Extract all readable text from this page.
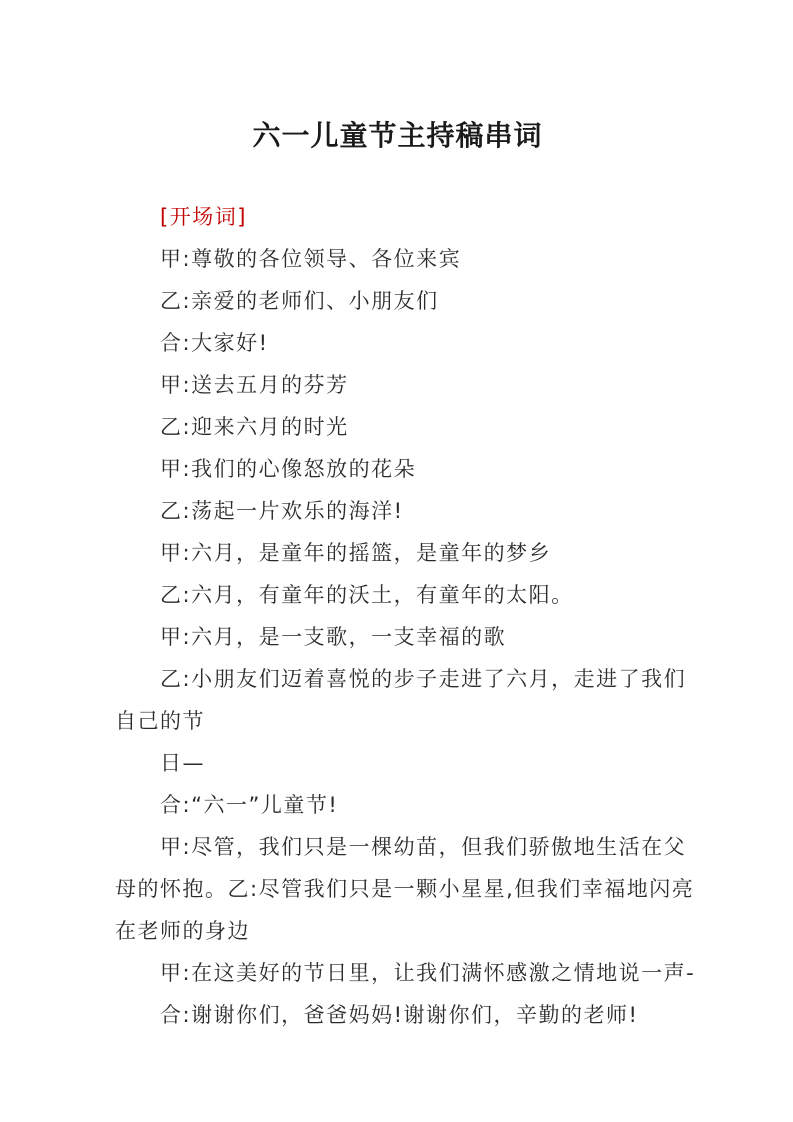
六一儿童节主持稿串词

[开场词]

甲:尊敬的各位领导、各位来宾

乙:亲爱的老师们、小朋友们

合:大家好!

甲:送去五月的芬芳

乙:迎来六月的时光

甲:我们的心像怒放的花朵

乙:荡起一片欢乐的海洋!

甲:六月，是童年的摇篮，是童年的梦乡

乙:六月，有童年的沃土，有童年的太阳。

甲:六月，是一支歌，一支幸福的歌

乙:小朋友们迈着喜悦的步子走进了六月，走进了我们

自己的节

日—

合:“六一”儿童节!

甲:尽管，我们只是一棵幼苗，但我们骄傲地生活在父

母的怀抱。乙:尽管我们只是一颗小星星,但我们幸福地闪亮

在老师的身边

甲:在这美好的节日里，让我们满怀感激之情地说一声-

合:谢谢你们，爸爸妈妈!谢谢你们，辛勤的老师!
